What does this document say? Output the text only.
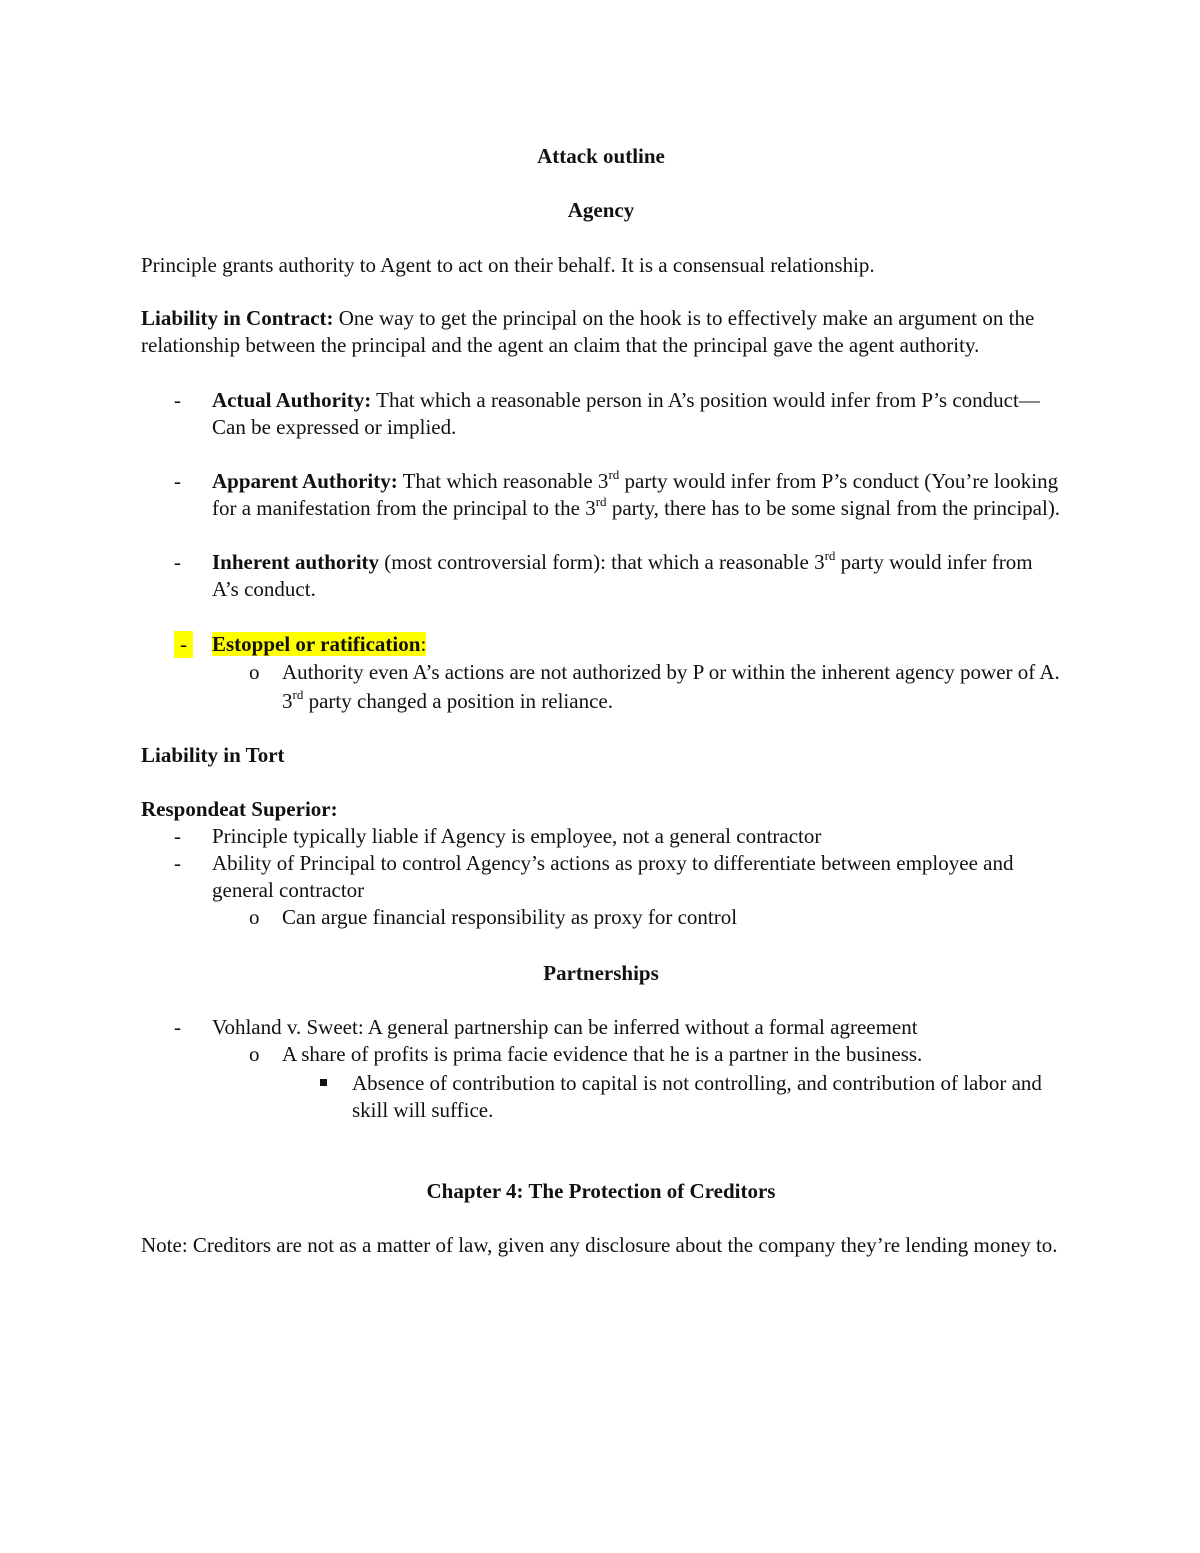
Attack outline

Agency

Principle grants authority to Agent to act on their behalf. It is a consensual relationship.

Liability in Contract: One way to get the principal on the hook is to effectively make an argument on the relationship between the principal and the agent an claim that the principal gave the agent authority.

- Actual Authority: That which a reasonable person in A’s position would infer from P’s conduct—Can be expressed or implied.
- Apparent Authority: That which reasonable 3rd party would infer from P’s conduct (You’re looking for a manifestation from the principal to the 3rd party, there has to be some signal from the principal).
- Inherent authority (most controversial form): that which a reasonable 3rd party would infer from A’s conduct.
- Estoppel or ratification:
o Authority even A’s actions are not authorized by P or within the inherent agency power of A. 3rd party changed a position in reliance.

Liability in Tort

Respondeat Superior:

- Principle typically liable if Agency is employee, not a general contractor
- Ability of Principal to control Agency’s actions as proxy to differentiate between employee and general contractor
o Can argue financial responsibility as proxy for control

Partnerships

- Vohland v. Sweet: A general partnership can be inferred without a formal agreement
o A share of profits is prima facie evidence that he is a partner in the business.
Absence of contribution to capital is not controlling, and contribution of labor and skill will suffice.

Chapter 4: The Protection of Creditors

Note: Creditors are not as a matter of law, given any disclosure about the company they’re lending money to.
